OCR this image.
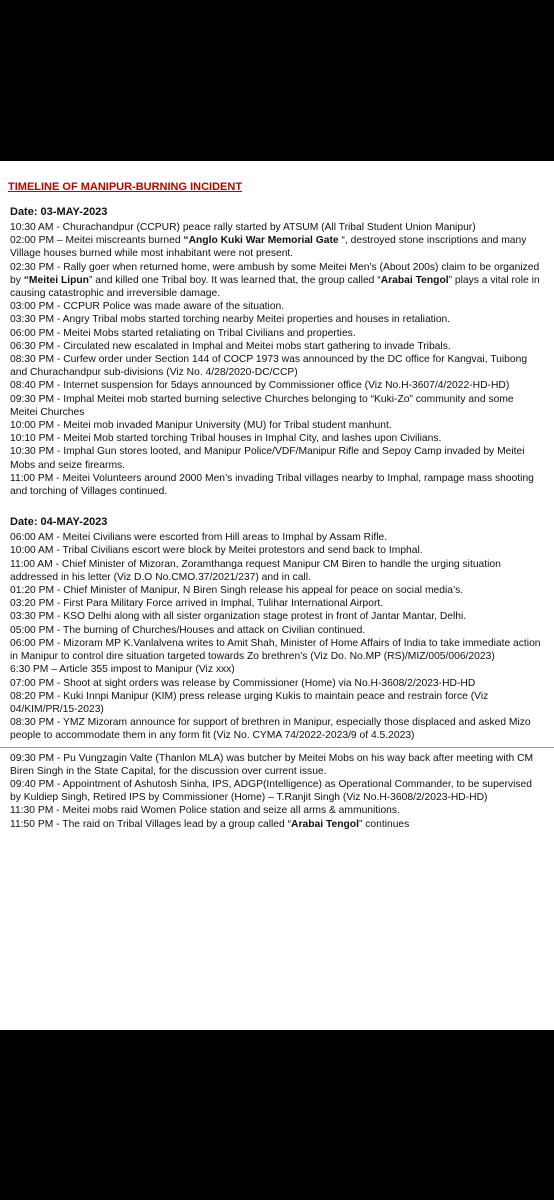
TIMELINE OF MANIPUR-BURNING INCIDENT
Date: 03-MAY-2023

10:30 AM - Churachandpur (CCPUR) peace rally started by ATSUM (All Tribal Student Union Manipur)

02:00 PM – Meitei miscreants burned “Anglo Kuki War Memorial Gate “, destroyed stone inscriptions and many Village houses burned while most inhabitant were not present.

02:30 PM - Rally goer when returned home, were ambush by some Meitei Men’s (About 200s) claim to be organized by “Meitei Lipun” and killed one Tribal boy. It was learned that, the group called “Arabai Tengol” plays a vital role in causing catastrophic and irreversible damage.

03:00 PM - CCPUR Police was made aware of the situation.

03:30 PM - Angry Tribal mobs started torching nearby Meitei properties and houses in retaliation.

06:00 PM - Meitei Mobs started retaliating on Tribal Civilians and properties.

06:30 PM - Circulated new escalated in Imphal and Meitei mobs start gathering to invade Tribals.

08:30 PM - Curfew order under Section 144 of COCP 1973 was announced by the DC office for Kangvai, Tuibong and Churachandpur sub-divisions (Viz No. 4/28/2020-DC/CCP)

08:40 PM - Internet suspension for 5days announced by Commissioner office (Viz No.H-3607/4/2022-HD-HD)

09:30 PM - Imphal Meitei mob started burning selective Churches belonging to “Kuki-Zo” community and some Meitei Churches

10:00 PM - Meitei mob invaded Manipur University (MU) for Tribal student manhunt.

10:10 PM - Meitei Mob started torching Tribal houses in Imphal City, and lashes upon Civilians.

10:30 PM - Imphal Gun stores looted, and Manipur Police/VDF/Manipur Rifle and Sepoy Camp invaded by Meitei Mobs and seize firearms.

11:00 PM - Meitei Volunteers around 2000 Men’s invading Tribal villages nearby to Imphal, rampage mass shooting and torching of Villages continued.

Date: 04-MAY-2023

06:00 AM - Meitei Civilians were escorted from Hill areas to Imphal by Assam Rifle.

10:00 AM - Tribal Civilians escort were block by Meitei protestors and send back to Imphal.

11:00 AM - Chief Minister of Mizoran, Zoramthanga request Manipur CM Biren to handle the urging situation addressed in his letter (Viz D.O No.CMO.37/2021/237) and in call.

01:20 PM - Chief Minister of Manipur, N Biren Singh release his appeal for peace on social media’s.

03:20 PM - First Para Military Force arrived in Imphal, Tulihar International Airport.

03:30 PM - KSO Delhi along with all sister organization stage protest in front of Jantar Mantar, Delhi.

05:00 PM - The burning of Churches/Houses and attack on Civilian continued.

06:00 PM - Mizoram MP K.Vanlalvena writes to Amit Shah, Minister of Home Affairs of India to take immediate action in Manipur to control dire situation targeted towards Zo brethren’s (Viz Do. No.MP (RS)/MIZ/005/006/2023)

6:30 PM – Article 355 impost to Manipur (Viz xxx)

07:00 PM - Shoot at sight orders was release by Commissioner (Home) via No.H-3608/2/2023-HD-HD

08:20 PM - Kuki Innpi Manipur (KIM) press release urging Kukis to maintain peace and restrain force (Viz 04/KIM/PR/15-2023)

08:30 PM - YMZ Mizoram announce for support of brethren in Manipur, especially those displaced and asked Mizo people to accommodate them in any form fit (Viz No. CYMA 74/2022-2023/9 of 4.5.2023)

09:30 PM - Pu Vungzagin Valte (Thanlon MLA) was butcher by Meitei Mobs on his way back after meeting with CM Biren Singh in the State Capital, for the discussion over current issue.

09:40 PM - Appointment of Ashutosh Sinha, IPS, ADGP(Intelligence) as Operational Commander, to be supervised by Kuldiep Singh, Retired IPS by Commissioner (Home) – T.Ranjit Singh (Viz No.H-3608/2/2023-HD-HD)

11:30 PM - Meitei mobs raid Women Police station and seize all arms & ammunitions.

11:50 PM - The raid on Tribal Villages lead by a group called “Arabai Tengol” continues
